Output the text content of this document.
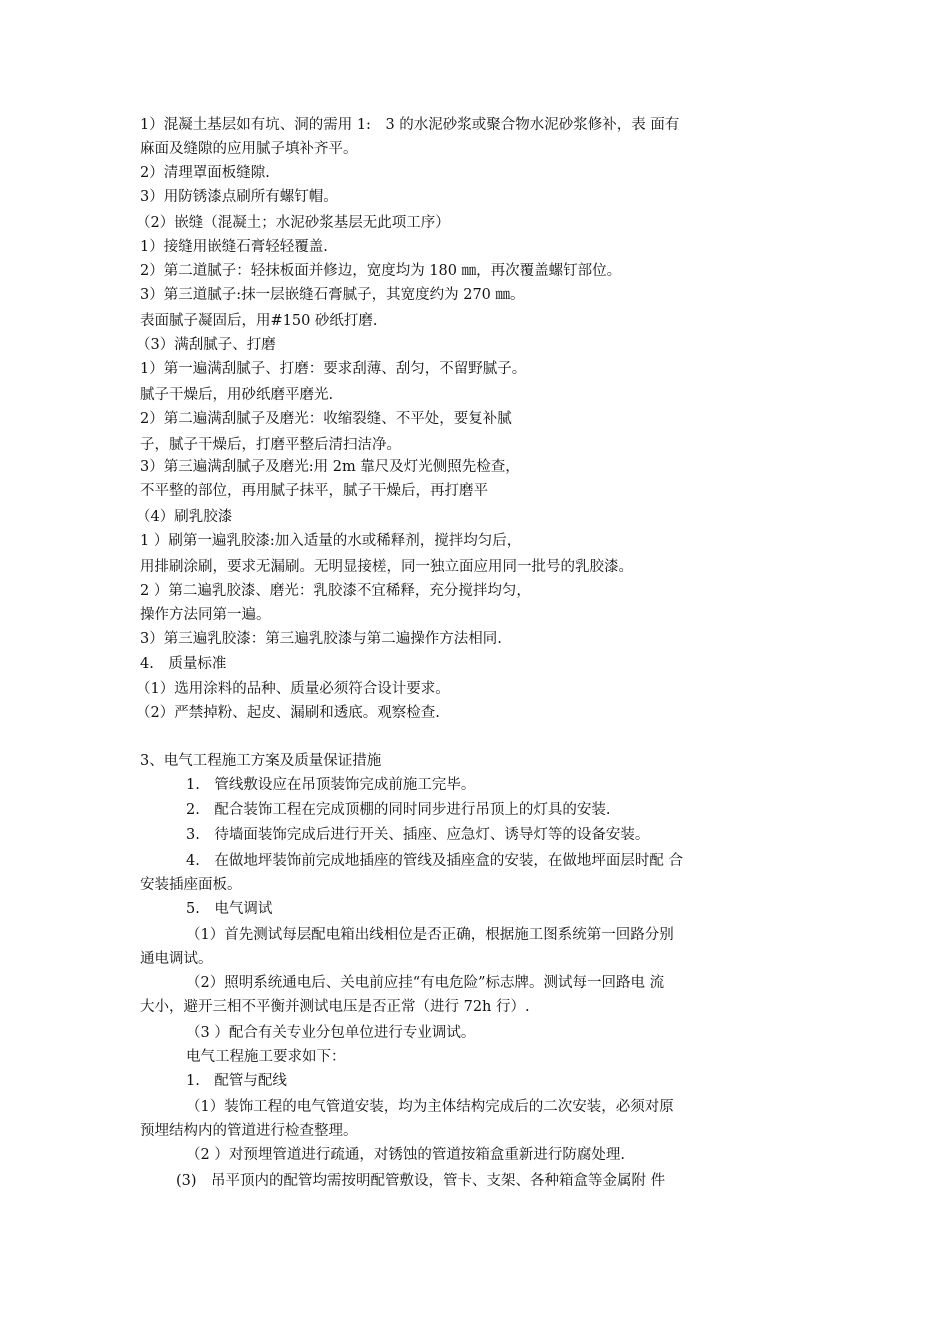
1）混凝土基层如有坑、洞的需用 1:　3 的水泥砂浆或聚合物水泥砂浆修补，表 面有
麻面及缝隙的应用腻子填补齐平。
2）清理罩面板缝隙.
3）用防锈漆点刷所有螺钉帽。
（2）嵌缝（混凝土；水泥砂浆基层无此项工序）
1）接缝用嵌缝石膏轻轻覆盖.
2）第二道腻子：轻抹板面并修边，宽度均为 180 ㎜，再次覆盖螺钉部位。
3）第三道腻子:抹一层嵌缝石膏腻子，其宽度约为 270 ㎜。
表面腻子凝固后，用#150 砂纸打磨.
（3）满刮腻子、打磨
1）第一遍满刮腻子、打磨：要求刮薄、刮匀，不留野腻子。
腻子干燥后，用砂纸磨平磨光.
2）第二遍满刮腻子及磨光：收缩裂缝、不平处，要复补腻
子，腻子干燥后，打磨平整后清扫洁净。
3）第三遍满刮腻子及磨光:用 2m 靠尺及灯光侧照先检查，
不平整的部位，再用腻子抹平，腻子干燥后，再打磨平
（4）刷乳胶漆
1 ）刷第一遍乳胶漆:加入适量的水或稀释剂，搅拌均匀后，
用排刷涂刷，要求无漏刷。无明显接槎，同一独立面应用同一批号的乳胶漆。
2 ）第二遍乳胶漆、磨光：乳胶漆不宜稀释，充分搅拌均匀，
操作方法同第一遍。
3）第三遍乳胶漆：第三遍乳胶漆与第二遍操作方法相同.
4.　质量标准
（1）选用涂料的品种、质量必须符合设计要求。
（2）严禁掉粉、起皮、漏刷和透底。观察检查.
3、电气工程施工方案及质量保证措施
1.　管线敷设应在吊顶装饰完成前施工完毕。
2.　配合装饰工程在完成顶棚的同时同步进行吊顶上的灯具的安装.
3.　待墙面装饰完成后进行开关、插座、应急灯、诱导灯等的设备安装。
4.　在做地坪装饰前完成地插座的管线及插座盒的安装，在做地坪面层时配 合
安装插座面板。
5.　电气调试
（1）首先测试每层配电箱出线相位是否正确，根据施工图系统第一回路分别
通电调试。
（2）照明系统通电后、关电前应挂“有电危险”标志牌。测试每一回路电 流
大小，避开三相不平衡并测试电压是否正常（进行 72h 行）.
（3 ）配合有关专业分包单位进行专业调试。
电气工程施工要求如下：
1.　配管与配线
（1）装饰工程的电气管道安装，均为主体结构完成后的二次安装，必须对原
预埋结构内的管道进行检查整理。
（2 ）对预埋管道进行疏通，对锈蚀的管道按箱盒重新进行防腐处理.
(3)　吊平顶内的配管均需按明配管敷设，管卡、支架、各种箱盒等金属附 件
